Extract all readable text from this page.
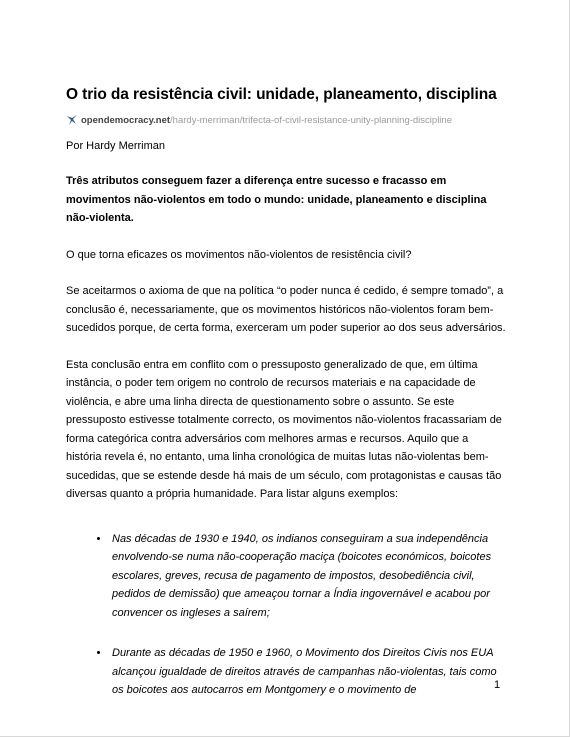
O trio da resistência civil: unidade, planeamento, disciplina
opendemocracy.net /hardy-merriman/trifecta-of-civil-resistance-unity-planning-discipline
Por Hardy Merriman

Três atributos conseguem fazer a diferença entre sucesso e fracasso em movimentos não-violentos em todo o mundo: unidade, planeamento e disciplina não-violenta.

O que torna eficazes os movimentos não-violentos de resistência civil?

Se aceitarmos o axioma de que na política “o poder nunca é cedido, é sempre tomado”, a conclusão é, necessariamente, que os movimentos históricos não-violentos foram bem-sucedidos porque, de certa forma, exerceram um poder superior ao dos seus adversários.

Esta conclusão entra em conflito com o pressuposto generalizado de que, em última instância, o poder tem origem no controlo de recursos materiais e na capacidade de violência, e abre uma linha directa de questionamento sobre o assunto. Se este pressuposto estivesse totalmente correcto, os movimentos não-violentos fracassariam de forma categórica contra adversários com melhores armas e recursos. Aquilo que a história revela é, no entanto, uma linha cronológica de muitas lutas não-violentas bem-sucedidas, que se estende desde há mais de um século, com protagonistas e causas tão diversas quanto a própria humanidade. Para listar alguns exemplos:

• Nas décadas de 1930 e 1940, os indianos conseguiram a sua independência envolvendo-se numa não-cooperação maciça (boicotes económicos, boicotes escolares, greves, recusa de pagamento de impostos, desobediência civil, pedidos de demissão) que ameaçou tornar a Índia ingovernável e acabou por convencer os ingleses a saírem;
• Durante as décadas de 1950 e 1960, o Movimento dos Direitos Civis nos EUA alcançou igualdade de direitos através de campanhas não-violentas, tais como os boicotes aos autocarros em Montgomery e o movimento de	1
